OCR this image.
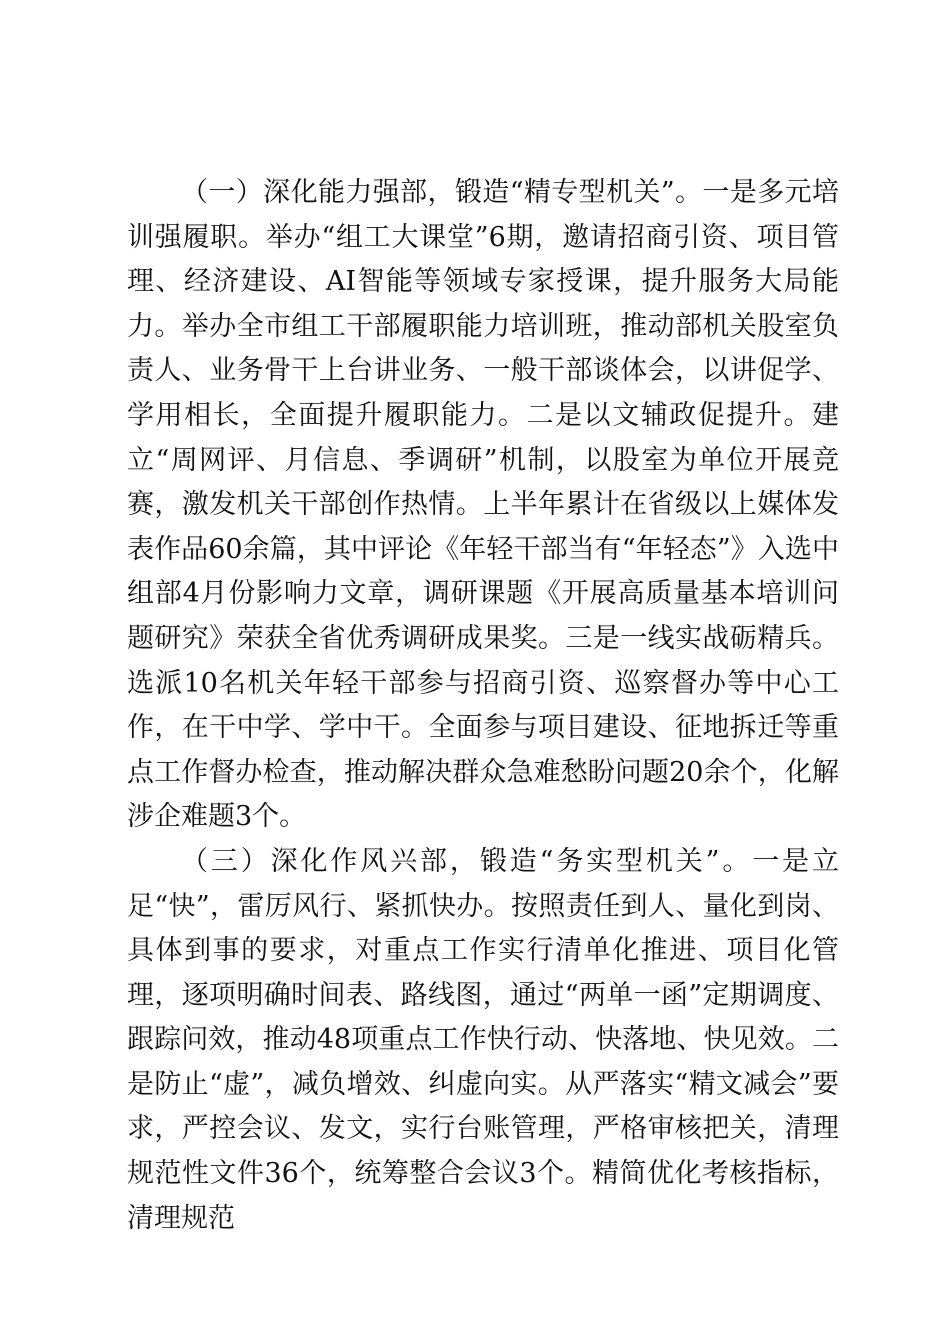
（一）深化能力强部，锻造“精专型机关”。一是多元培训强履职。举办“组工大课堂”6期，邀请招商引资、项目管理、经济建设、AI智能等领域专家授课，提升服务大局能力。举办全市组工干部履职能力培训班，推动部机关股室负责人、业务骨干上台讲业务、一般干部谈体会，以讲促学、学用相长，全面提升履职能力。二是以文辅政促提升。建立“周网评、月信息、季调研”机制，以股室为单位开展竞赛，激发机关干部创作热情。上半年累计在省级以上媒体发表作品60余篇，其中评论《年轻干部当有“年轻态”》入选中组部4月份影响力文章，调研课题《开展高质量基本培训问题研究》荣获全省优秀调研成果奖。三是一线实战砺精兵。选派10名机关年轻干部参与招商引资、巡察督办等中心工作，在干中学、学中干。全面参与项目建设、征地拆迁等重点工作督办检查，推动解决群众急难愁盼问题20余个，化解涉企难题3个。

（三）深化作风兴部，锻造“务实型机关”。一是立足“快”，雷厉风行、紧抓快办。按照责任到人、量化到岗、具体到事的要求，对重点工作实行清单化推进、项目化管理，逐项明确时间表、路线图，通过“两单一函”定期调度、跟踪问效，推动48项重点工作快行动、快落地、快见效。二是防止“虚”，减负增效、纠虚向实。从严落实“精文减会”要求，严控会议、发文，实行台账管理，严格审核把关，清理规范性文件36个，统筹整合会议3个。精简优化考核指标，清理规范
